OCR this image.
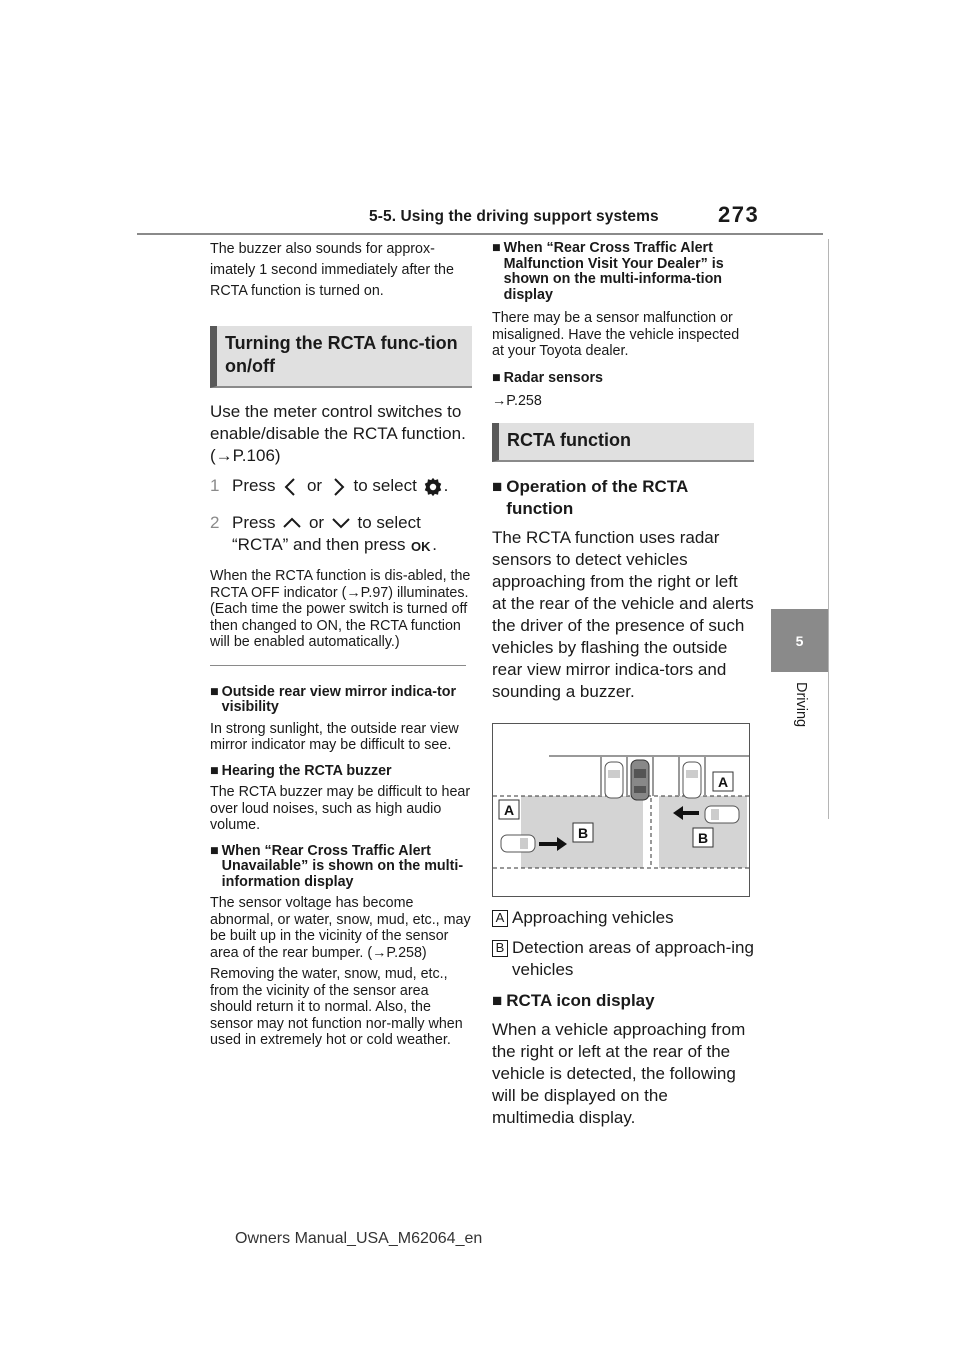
5-5. Using the driving support systems	273
5
Driving

The buzzer also sounds for approx-imately 1 second immediately after the RCTA function is turned on.

Turning the RCTA func-tion on/off

Use the meter control switches to enable/disable the RCTA function. (→P.106)

1 Press or to select .
2 Press or to select
“RCTA” and then press OK .

When the RCTA function is dis-abled, the RCTA OFF indicator (→P.97) illuminates. (Each time the power switch is turned off then changed to ON, the RCTA function will be enabled automatically.)

■ Outside rear view mirror indica-tor visibility

In strong sunlight, the outside rear view mirror indicator may be difficult to see.

■ Hearing the RCTA buzzer

The RCTA buzzer may be difficult to hear over loud noises, such as high audio volume.

■ When “Rear Cross Traffic Alert Unavailable” is shown on the multi-information display

The sensor voltage has become abnormal, or water, snow, mud, etc., may be built up in the vicinity of the sensor area of the rear bumper. (→P.258)

Removing the water, snow, mud, etc., from the vicinity of the sensor area should return it to normal. Also, the sensor may not function nor-mally when used in extremely hot or cold weather.

■ When “Rear Cross Traffic Alert Malfunction Visit Your Dealer” is shown on the multi-informa-tion display

There may be a sensor malfunction or misaligned. Have the vehicle inspected at your Toyota dealer.

■ Radar sensors

→P.258

RCTA function
■ Operation of the RCTA function

The RCTA function uses radar sensors to detect vehicles approaching from the right or left at the rear of the vehicle and alerts the driver of the presence of such vehicles by flashing the outside rear view mirror indica-tors and sounding a buzzer.

A
A
B	B
A Approaching vehicles
B Detection areas of approach-ing vehicles
■ RCTA icon display

When a vehicle approaching from the right or left at the rear of the vehicle is detected, the following will be displayed on the multimedia display.

Owners Manual_USA_M62064_en
